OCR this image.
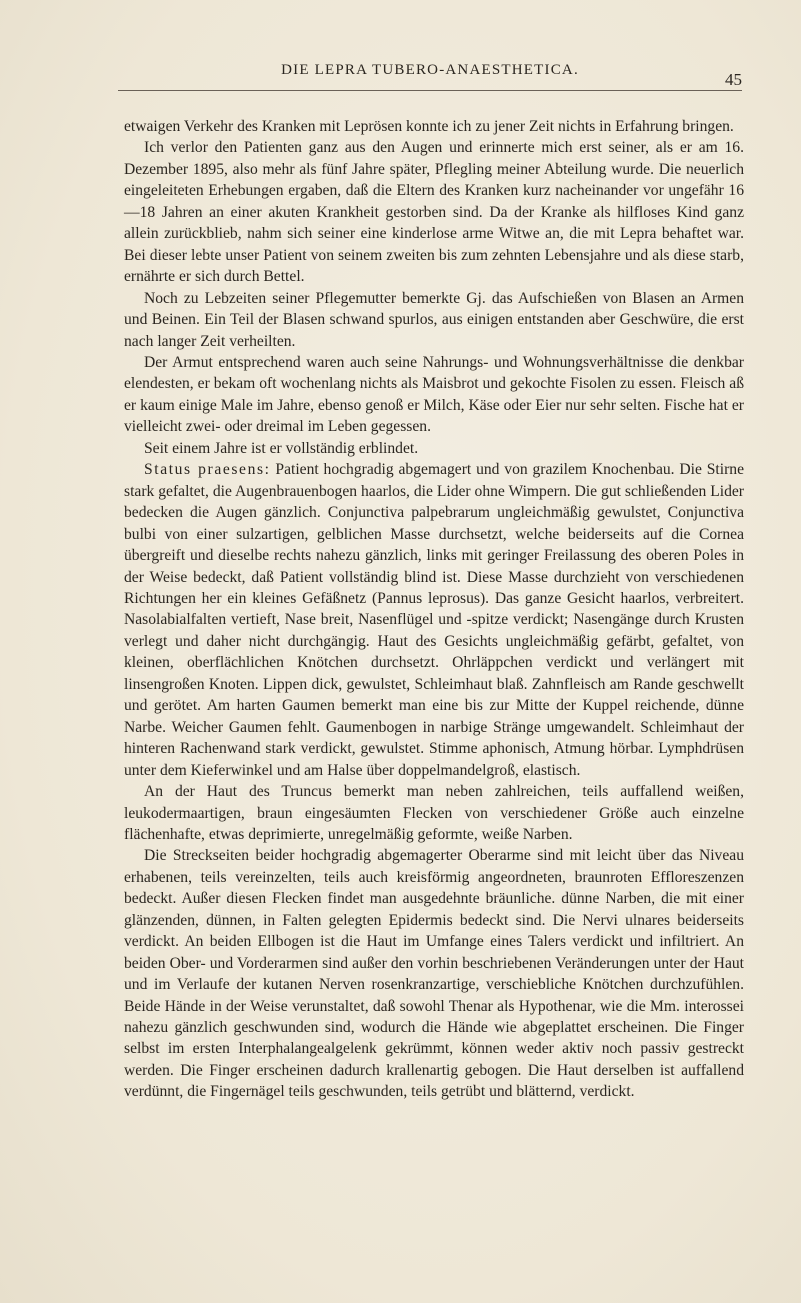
DIE LEPRA TUBERO-ANAESTHETICA.	45

etwaigen Verkehr des Kranken mit Leprösen konnte ich zu jener Zeit nichts in Erfahrung bringen.

Ich verlor den Patienten ganz aus den Augen und erinnerte mich erst seiner, als er am 16. Dezember 1895, also mehr als fünf Jahre später, Pflegling meiner Abteilung wurde. Die neuerlich eingeleiteten Erhebungen ergaben, daß die Eltern des Kranken kurz nacheinander vor ungefähr 16—18 Jahren an einer akuten Krankheit gestorben sind. Da der Kranke als hilfloses Kind ganz allein zurückblieb, nahm sich seiner eine kinderlose arme Witwe an, die mit Lepra behaftet war. Bei dieser lebte unser Patient von seinem zweiten bis zum zehnten Lebensjahre und als diese starb, ernährte er sich durch Bettel.

Noch zu Lebzeiten seiner Pflegemutter bemerkte Gj. das Aufschießen von Blasen an Armen und Beinen. Ein Teil der Blasen schwand spurlos, aus einigen entstanden aber Geschwüre, die erst nach langer Zeit verheilten.

Der Armut entsprechend waren auch seine Nahrungs- und Wohnungsverhältnisse die denkbar elendesten, er bekam oft wochenlang nichts als Maisbrot und gekochte Fisolen zu essen. Fleisch aß er kaum einige Male im Jahre, ebenso genoß er Milch, Käse oder Eier nur sehr selten. Fische hat er vielleicht zwei- oder dreimal im Leben gegessen.

Seit einem Jahre ist er vollständig erblindet.

Status praesens: Patient hochgradig abgemagert und von grazilem Knochenbau. Die Stirne stark gefaltet, die Augenbrauenbogen haarlos, die Lider ohne Wimpern. Die gut schließenden Lider bedecken die Augen gänzlich. Conjunctiva palpebrarum ungleichmäßig gewulstet, Conjunctiva bulbi von einer sulzartigen, gelblichen Masse durchsetzt, welche beiderseits auf die Cornea übergreift und dieselbe rechts nahezu gänzlich, links mit geringer Freilassung des oberen Poles in der Weise bedeckt, daß Patient vollständig blind ist. Diese Masse durchzieht von verschiedenen Richtungen her ein kleines Gefäßnetz (Pannus leprosus). Das ganze Gesicht haarlos, verbreitert. Nasolabialfalten vertieft, Nase breit, Nasenflügel und -spitze verdickt; Nasengänge durch Krusten verlegt und daher nicht durchgängig. Haut des Gesichts ungleichmäßig gefärbt, gefaltet, von kleinen, oberflächlichen Knötchen durchsetzt. Ohrläppchen verdickt und verlängert mit linsengroßen Knoten. Lippen dick, gewulstet, Schleimhaut blaß. Zahnfleisch am Rande geschwellt und gerötet. Am harten Gaumen bemerkt man eine bis zur Mitte der Kuppel reichende, dünne Narbe. Weicher Gaumen fehlt. Gaumenbogen in narbige Stränge umgewandelt. Schleimhaut der hinteren Rachenwand stark verdickt, gewulstet. Stimme aphonisch, Atmung hörbar. Lymphdrüsen unter dem Kieferwinkel und am Halse über doppelmandelgroß, elastisch.

An der Haut des Truncus bemerkt man neben zahlreichen, teils auffallend weißen, leukodermaartigen, braun eingesäumten Flecken von verschiedener Größe auch einzelne flächenhafte, etwas deprimierte, unregelmäßig geformte, weiße Narben.

Die Streckseiten beider hochgradig abgemagerter Oberarme sind mit leicht über das Niveau erhabenen, teils vereinzelten, teils auch kreisförmig angeordneten, braunroten Effloreszenzen bedeckt. Außer diesen Flecken findet man ausgedehnte bräunliche. dünne Narben, die mit einer glänzenden, dünnen, in Falten gelegten Epidermis bedeckt sind. Die Nervi ulnares beiderseits verdickt. An beiden Ellbogen ist die Haut im Umfange eines Talers verdickt und infiltriert. An beiden Ober- und Vorderarmen sind außer den vorhin beschriebenen Veränderungen unter der Haut und im Verlaufe der kutanen Nerven rosenkranzartige, verschiebliche Knötchen durchzufühlen. Beide Hände in der Weise verunstaltet, daß sowohl Thenar als Hypothenar, wie die Mm. interossei nahezu gänzlich geschwunden sind, wodurch die Hände wie abgeplattet erscheinen. Die Finger selbst im ersten Interphalangealgelenk gekrümmt, können weder aktiv noch passiv gestreckt werden. Die Finger erscheinen dadurch krallenartig gebogen. Die Haut derselben ist auffallend verdünnt, die Fingernägel teils geschwunden, teils getrübt und blätternd, verdickt.
